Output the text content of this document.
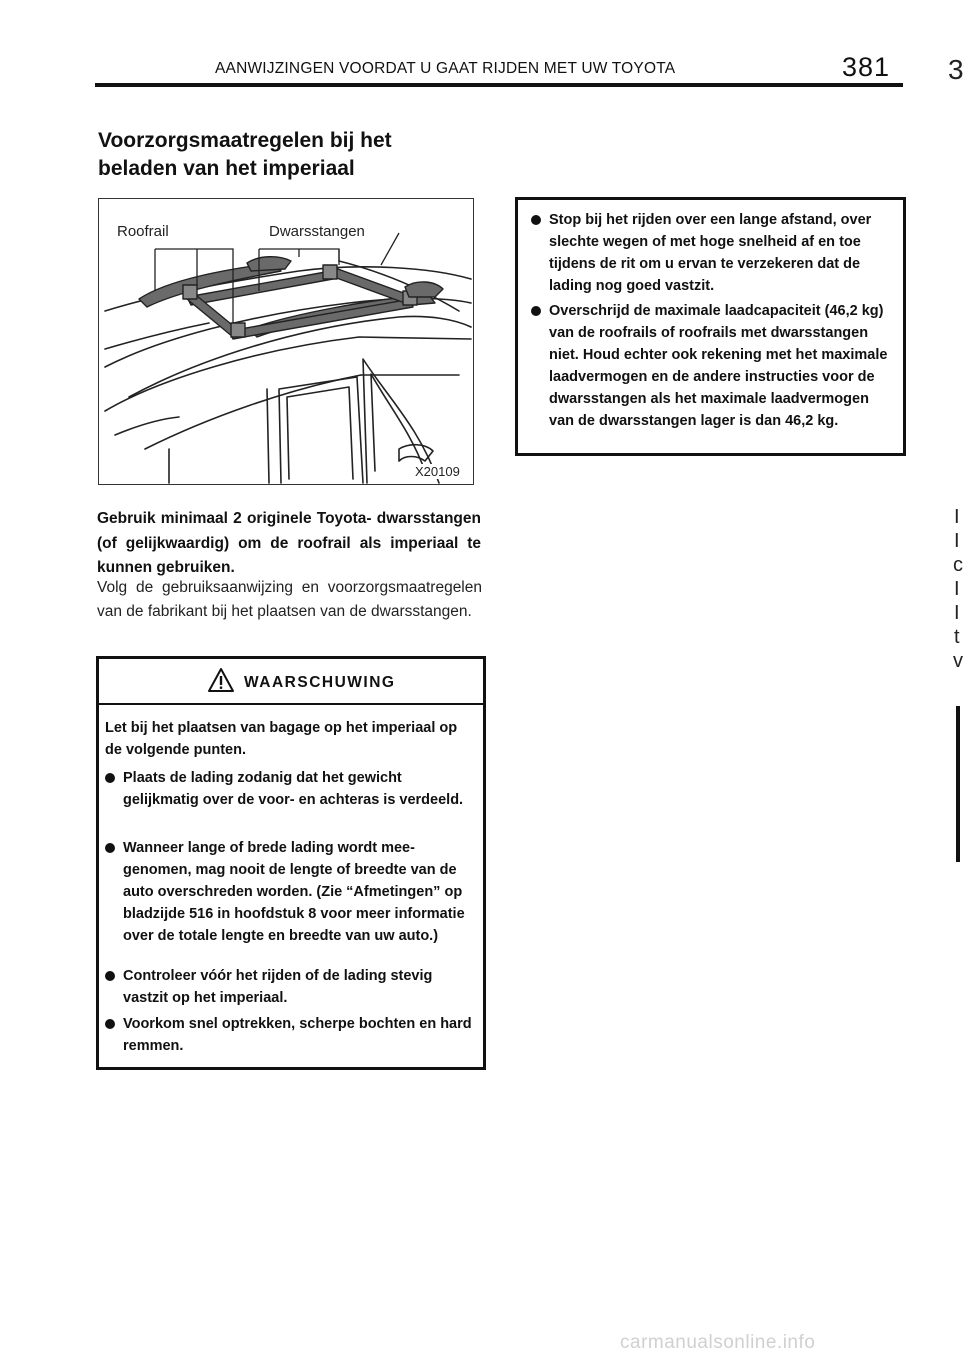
AANWIJZINGEN VOORDAT U GAAT RIJDEN MET UW TOYOTA	381 3
Voorzorgsmaatregelen bij het
beladen van het imperiaal
Roofrail	Dwarsstangen
X20109
Gebruik minimaal 2 originele Toyota- dwarsstangen (of gelijkwaardig) om de roofrail als imperiaal te kunnen gebruiken.
Volg de gebruiksaanwijzing en voorzorgsmaatregelen van de fabrikant bij het plaatsen van de dwarsstangen.
WAARSCHUWING
Let bij het plaatsen van bagage op het imperiaal op de volgende punten.
Plaats de lading zodanig dat het gewicht gelijkmatig over de voor- en achteras is verdeeld.
Wanneer lange of brede lading wordt meegenomen, mag nooit de lengte of breedte van de auto overschreden worden. (Zie “Afmetingen” op bladzijde 516 in hoofdstuk 8 voor meer informatie over de totale lengte en breedte van uw auto.)
Controleer vóór het rijden of de lading stevig vastzit op het imperiaal.
Voorkom snel optrekken, scherpe bochten en hard remmen.
Stop bij het rijden over een lange afstand, over slechte wegen of met hoge snelheid af en toe tijdens de rit om u ervan te verzekeren dat de lading nog goed vastzit.
Overschrijd de maximale laadcapaciteit (46,2 kg) van de roofrails of roofrails met dwarsstangen niet. Houd echter ook rekening met het maximale laadvermogen en de andere instructies voor de dwarsstangen als het maximale laadvermogen van de dwarsstangen lager is dan 46,2 kg.
I
I
c
I
I
t
v
carmanualsonline.info
